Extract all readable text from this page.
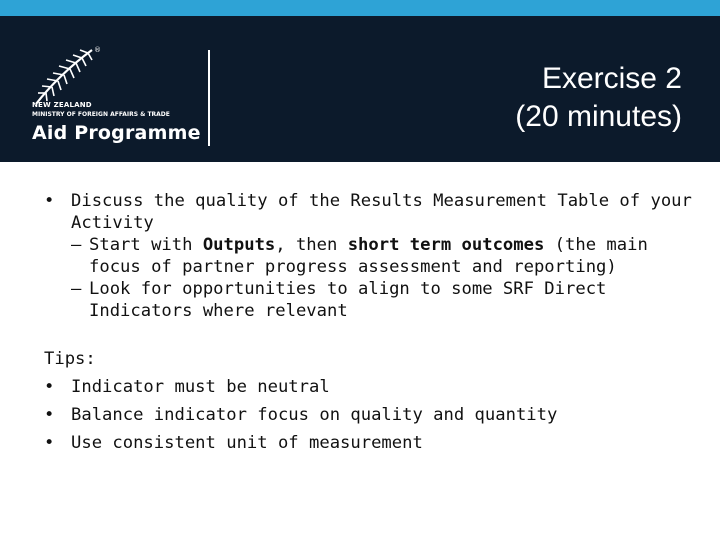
®
NEW ZEALAND
MINISTRY OF FOREIGN AFFAIRS & TRADE
Aid Programme
Exercise 2
(20 minutes)
• Discuss the quality of the Results Measurement Table of your Activity
– Start with Outputs, then short term outcomes (the main focus of partner progress assessment and reporting)
– Look for opportunities to align to some SRF Direct Indicators where relevant
Tips:
• Indicator must be neutral
• Balance indicator focus on quality and quantity
• Use consistent unit of measurement
